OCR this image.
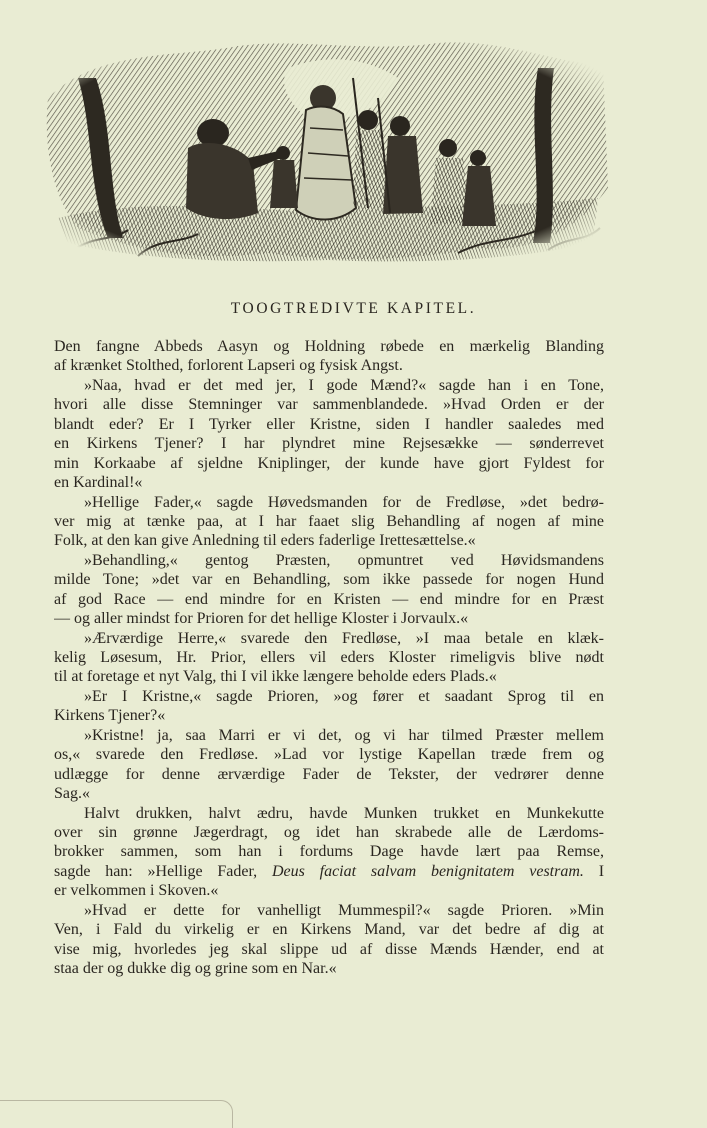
TOOGTREDIVTE KAPITEL.
Den fangne Abbeds Aasyn og Holdning røbede en mærkelig Blanding
af krænket Stolthed, forlorent Lapseri og fysisk Angst.
»Naa, hvad er det med jer, I gode Mænd?« sagde han i en Tone,
hvori alle disse Stemninger var sammenblandede. »Hvad Orden er der
blandt eder? Er I Tyrker eller Kristne, siden I handler saaledes med
en Kirkens Tjener? I har plyndret mine Rejsesække — sønderrevet
min Korkaabe af sjeldne Kniplinger, der kunde have gjort Fyldest for
en Kardinal!«
»Hellige Fader,« sagde Høvedsmanden for de Fredløse, »det bedrø-
ver mig at tænke paa, at I har faaet slig Behandling af nogen af mine
Folk, at den kan give Anledning til eders faderlige Irettesættelse.«
»Behandling,« gentog Præsten, opmuntret ved Høvidsmandens
milde Tone; »det var en Behandling, som ikke passede for nogen Hund
af god Race — end mindre for en Kristen — end mindre for en Præst
— og aller mindst for Prioren for det hellige Kloster i Jorvaulx.«
»Ærværdige Herre,« svarede den Fredløse, »I maa betale en klæk-
kelig Løsesum, Hr. Prior, ellers vil eders Kloster rimeligvis blive nødt
til at foretage et nyt Valg, thi I vil ikke længere beholde eders Plads.«
»Er I Kristne,« sagde Prioren, »og fører et saadant Sprog til en
Kirkens Tjener?«
»Kristne! ja, saa Marri er vi det, og vi har tilmed Præster mellem
os,« svarede den Fredløse. »Lad vor lystige Kapellan træde frem og
udlægge for denne ærværdige Fader de Tekster, der vedrører denne
Sag.«
Halvt drukken, halvt ædru, havde Munken trukket en Munkekutte
over sin grønne Jægerdragt, og idet han skrabede alle de Lærdoms-
brokker sammen, som han i fordums Dage havde lært paa Remse,
sagde han: »Hellige Fader, Deus faciat salvam benignitatem vestram. I
er velkommen i Skoven.«
»Hvad er dette for vanhelligt Mummespil?« sagde Prioren. »Min
Ven, i Fald du virkelig er en Kirkens Mand, var det bedre af dig at
vise mig, hvorledes jeg skal slippe ud af disse Mænds Hænder, end at
staa der og dukke dig og grine som en Nar.«
